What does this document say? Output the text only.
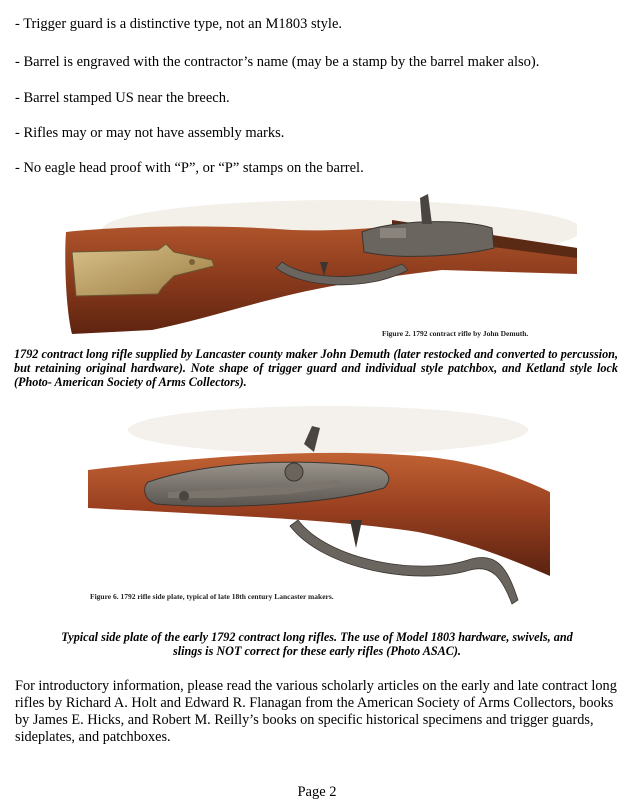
- Trigger guard is a distinctive type, not an M1803 style.
- Barrel is engraved with the contractor’s name (may be a stamp by the barrel maker also).
- Barrel stamped US near the breech.
- Rifles may or may not have assembly marks.
- No eagle head proof with “P”, or “P” stamps on the barrel.
Figure 2. 1792 contract rifle by John Demuth.
1792 contract long rifle supplied by Lancaster county maker John Demuth (later restocked and converted to percussion, but retaining original hardware). Note shape of trigger guard and individual style patchbox, and Ketland style lock (Photo- American Society of Arms Collectors).
Figure 6. 1792 rifle side plate, typical of late 18th century Lancaster makers.
Typical side plate of the early 1792 contract long rifles. The use of Model 1803 hardware, swivels, and slings is NOT correct for these early rifles (Photo ASAC).
For introductory information, please read the various scholarly articles on the early and late contract long rifles by Richard A. Holt and Edward R. Flanagan from the American Society of Arms Collectors, books by James E. Hicks, and Robert M. Reilly’s books on specific historical specimens and trigger guards, sideplates, and patchboxes.
Page 2
